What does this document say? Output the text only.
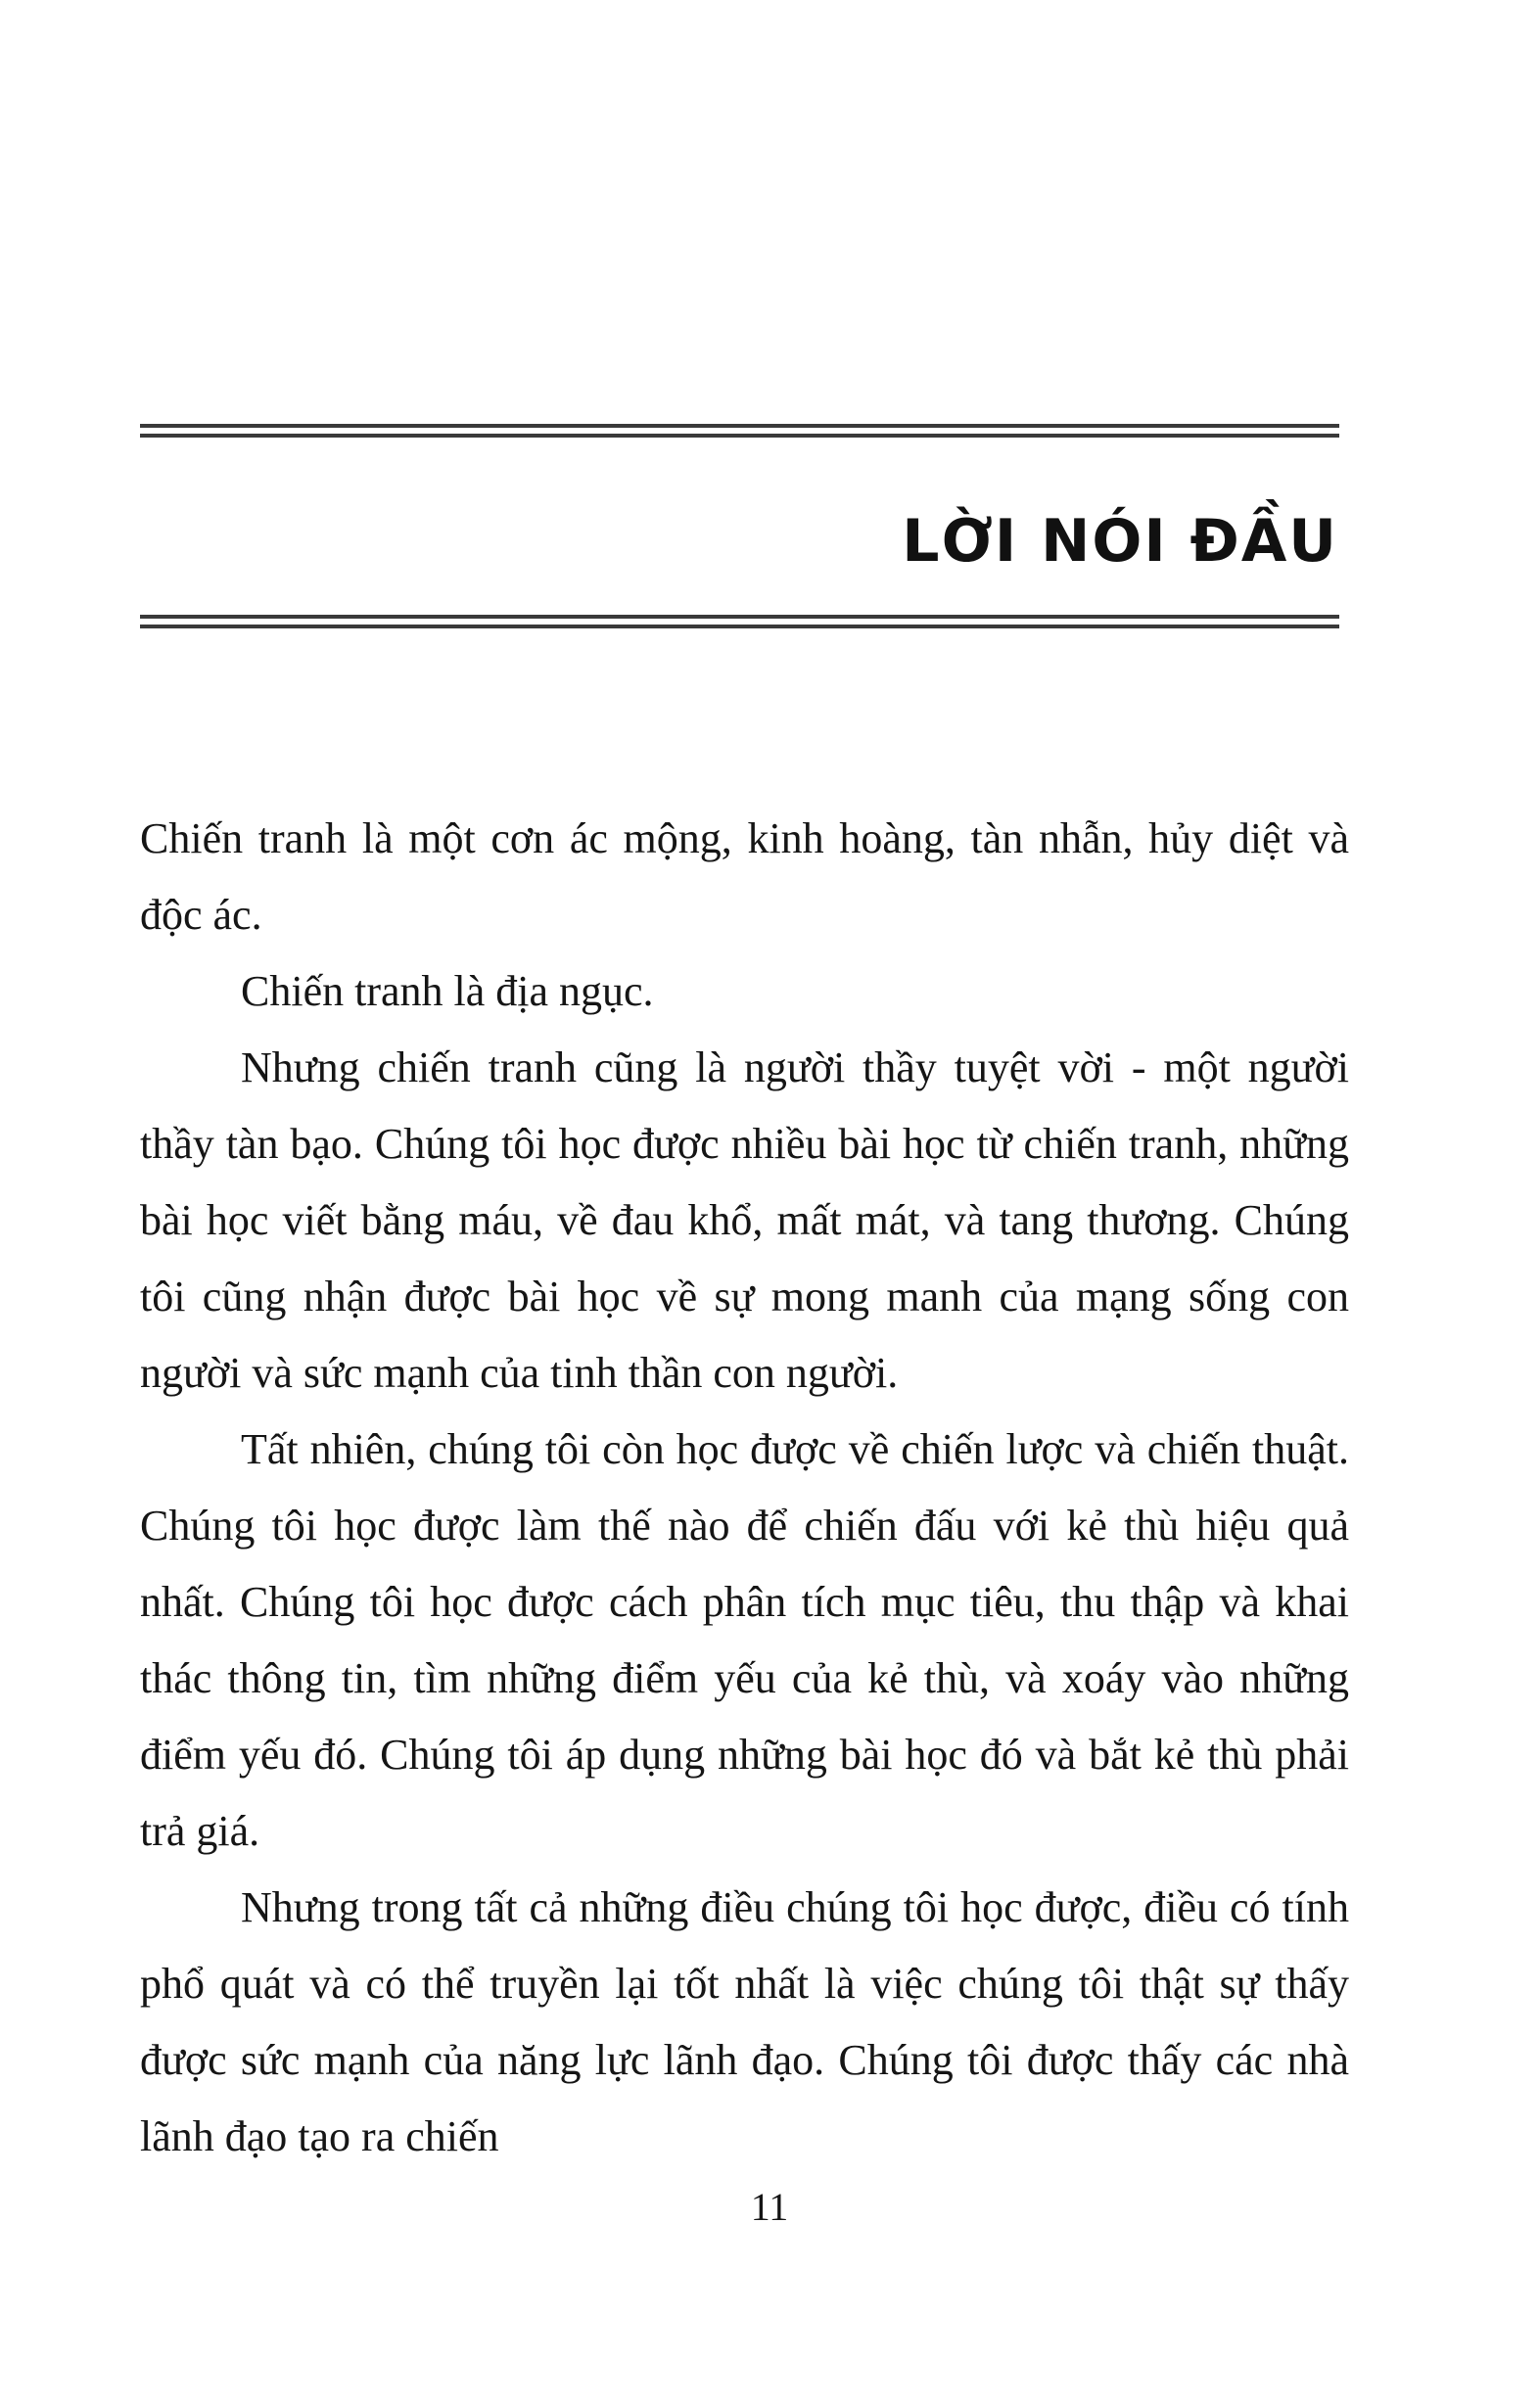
LỜI NÓI ĐẦU

Chiến tranh là một cơn ác mộng, kinh hoàng, tàn nhẫn, hủy diệt và độc ác.

Chiến tranh là địa ngục.

Nhưng chiến tranh cũng là người thầy tuyệt vời - một người thầy tàn bạo. Chúng tôi học được nhiều bài học từ chiến tranh, những bài học viết bằng máu, về đau khổ, mất mát, và tang thương. Chúng tôi cũng nhận được bài học về sự mong manh của mạng sống con người và sức mạnh của tinh thần con người.

Tất nhiên, chúng tôi còn học được về chiến lược và chiến thuật. Chúng tôi học được làm thế nào để chiến đấu với kẻ thù hiệu quả nhất. Chúng tôi học được cách phân tích mục tiêu, thu thập và khai thác thông tin, tìm những điểm yếu của kẻ thù, và xoáy vào những điểm yếu đó. Chúng tôi áp dụng những bài học đó và bắt kẻ thù phải trả giá.

Nhưng trong tất cả những điều chúng tôi học được, điều có tính phổ quát và có thể truyền lại tốt nhất là việc chúng tôi thật sự thấy được sức mạnh của năng lực lãnh đạo. Chúng tôi được thấy các nhà lãnh đạo tạo ra chiến

11
